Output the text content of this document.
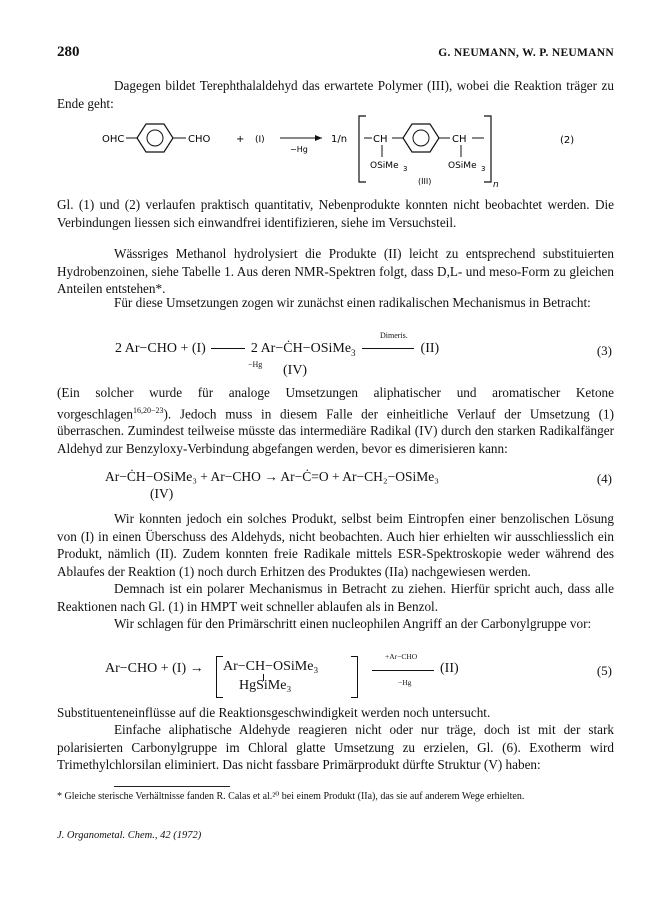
280	G. NEUMANN, W. P. NEUMANN
Dagegen bildet Terephthalaldehyd das erwartete Polymer (III), wobei die Reaktion träger zu Ende geht:
OHC	CHO	+ (I)
−Hg
1/n	CH
OSiMe 3
CH
OSiMe 3
(III)	n
(2)
Gl. (1) und (2) verlaufen praktisch quantitativ, Nebenprodukte konnten nicht beobachtet werden. Die Verbindungen liessen sich einwandfrei identifizieren, siehe im Versuchsteil.
Wässriges Methanol hydrolysiert die Produkte (II) leicht zu entsprechend substituierten Hydrobenzoinen, siehe Tabelle 1. Aus deren NMR-Spektren folgt, dass D,L- und meso-Form zu gleichen Anteilen entstehen*.
Für diese Umsetzungen zogen wir zunächst einen radikalischen Mechanismus in Betracht:
2 Ar−CHO + (I)	2 Ar−ĊH−OSiMe$_3$	(II)
−Hg
Dimeris.
(IV)
(3)
(Ein solcher wurde für analoge Umsetzungen aliphatischer und aromatischer Ketone vorgeschlagen$^{16,20-23}$). Jedoch muss in diesem Falle der einheitliche Verlauf der Umsetzung (1) überraschen. Zumindest teilweise müsste das intermediäre Radikal (IV) durch den starken Radikalfänger Aldehyd zur Benzyloxy-Verbindung abgefangen werden, bevor es dimerisieren kann:
Ar−ĊH−OSiMe₃ + Ar−CHO → Ar−Ċ=O + Ar−CH₂−OSiMe₃
(IV)
(4)
Wir konnten jedoch ein solches Produkt, selbst beim Eintropfen einer benzolischen Lösung von (I) in einen Überschuss des Aldehyds, nicht beobachten. Auch hier erhielten wir ausschliesslich ein Produkt, nämlich (II). Zudem konnten freie Radikale mittels ESR-Spektroskopie weder während des Ablaufes der Reaktion (1) noch durch Erhitzen des Produktes (IIa) nachgewiesen werden.
Demnach ist ein polarer Mechanismus in Betracht zu ziehen. Hierfür spricht auch, dass alle Reaktionen nach Gl. (1) in HMPT weit schneller ablaufen als in Benzol.
Wir schlagen für den Primärschritt einen nucleophilen Angriff an der Carbonylgruppe vor:
Ar−CHO + (I) → Ar−CH−OSiMe₃
HgSiMe₃
+Ar−CHO
−Hg
(II)	(5)
Substituenteneinflüsse auf die Reaktionsgeschwindigkeit werden noch untersucht.
Einfache aliphatische Aldehyde reagieren nicht oder nur träge, doch ist mit der stark polarisierten Carbonylgruppe im Chloral glatte Umsetzung zu erzielen, Gl. (6). Exotherm wird Trimethylchlorsilan eliminiert. Das nicht fassbare Primärprodukt dürfte Struktur (V) haben:
* Gleiche sterische Verhältnisse fanden R. Calas et al.²⁰ bei einem Produkt (IIa), das sie auf anderem Wege erhielten.
J. Organometal. Chem., 42 (1972)
